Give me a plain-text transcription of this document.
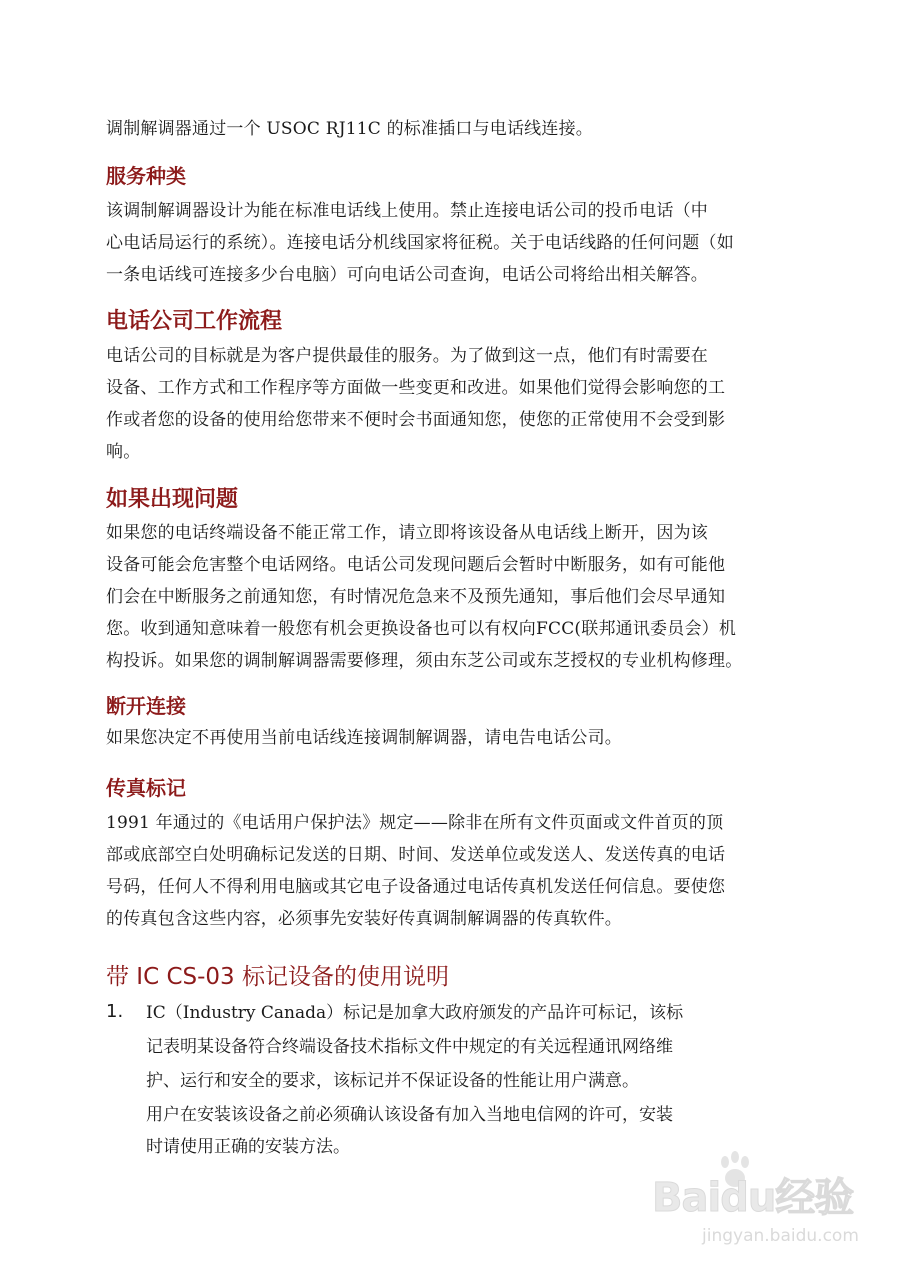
调制解调器通过一个 USOC RJ11C 的标准插口与电话线连接。

服务种类

该调制解调器设计为能在标准电话线上使用。禁止连接电话公司的投币电话（中

心电话局运行的系统）。连接电话分机线国家将征税。关于电话线路的任何问题（如

一条电话线可连接多少台电脑）可向电话公司查询，电话公司将给出相关解答。

电话公司工作流程

电话公司的目标就是为客户提供最佳的服务。为了做到这一点，他们有时需要在

设备、工作方式和工作程序等方面做一些变更和改进。如果他们觉得会影响您的工

作或者您的设备的使用给您带来不便时会书面通知您，使您的正常使用不会受到影

响。

如果出现问题

如果您的电话终端设备不能正常工作，请立即将该设备从电话线上断开，因为该

设备可能会危害整个电话网络。电话公司发现问题后会暂时中断服务，如有可能他

们会在中断服务之前通知您，有时情况危急来不及预先通知，事后他们会尽早通知

您。收到通知意味着一般您有机会更换设备也可以有权向FCC(联邦通讯委员会）机

构投诉。如果您的调制解调器需要修理，须由东芝公司或东芝授权的专业机构修理。

断开连接

如果您决定不再使用当前电话线连接调制解调器，请电告电话公司。

传真标记

1991 年通过的《电话用户保护法》规定——除非在所有文件页面或文件首页的顶

部或底部空白处明确标记发送的日期、时间、发送单位或发送人、发送传真的电话

号码，任何人不得利用电脑或其它电子设备通过电话传真机发送任何信息。要使您

的传真包含这些内容，必须事先安装好传真调制解调器的传真软件。

带 IC CS-03 标记设备的使用说明
1. IC（Industry Canada）标记是加拿大政府颁发的产品许可标记，该标

记表明某设备符合终端设备技术指标文件中规定的有关远程通讯网络维

护、运行和安全的要求，该标记并不保证设备的性能让用户满意。

用户在安装该设备之前必须确认该设备有加入当地电信网的许可，安装

时请使用正确的安装方法。

Baidu经验
jingyan.baidu.com
